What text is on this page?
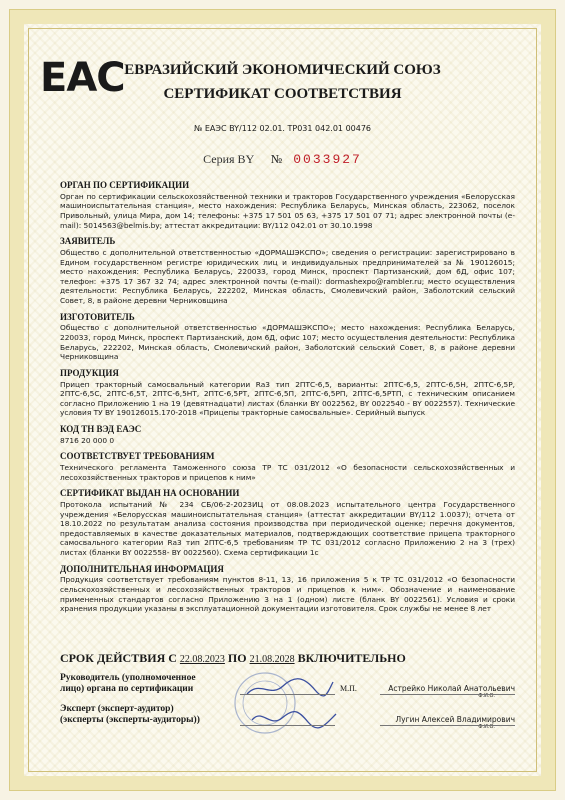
EAC ЕВРАЗИЙСКИЙ ЭКОНОМИЧЕСКИЙ СОЮЗ
СЕРТИФИКАТ СООТВЕТСТВИЯ
№ ЕАЭС BY/112 02.01. ТР031 042.01 00476
Серия BY № 0033927
ОРГАН ПО СЕРТИФИКАЦИИ

Орган по сертификации сельскохозяйственной техники и тракторов Государственного учреждения «Белорусская машиноиспытательная станция», место нахождения: Республика Беларусь, Минская область, 223062, поселок Привольный, улица Мира, дом 14; телефоны: +375 17 501 05 63, +375 17 501 07 71; адрес электронной почты (e-mail): 5014563@belmis.by; аттестат аккредитации: BY/112 042.01 от 30.10.1998

ЗАЯВИТЕЛЬ

Общество с дополнительной ответственностью «ДОРМАШЭКСПО»; сведения о регистрации: зарегистрировано в Едином государственном регистре юридических лиц и индивидуальных предпринимателей за № 190126015; место нахождения: Республика Беларусь, 220033, город Минск, проспект Партизанский, дом 6Д, офис 107; телефон: +375 17 367 32 74; адрес электронной почты (e-mail): dormashexpo@rambler.ru; место осуществления деятельности: Республика Беларусь, 222202, Минская область, Смолевичский район, Заболотский сельский Совет, 8, в районе деревни Черниковщина

ИЗГОТОВИТЕЛЬ

Общество с дополнительной ответственностью «ДОРМАШЭКСПО»; место нахождения: Республика Беларусь, 220033, город Минск, проспект Партизанский, дом 6Д, офис 107; место осуществления деятельности: Республика Беларусь, 222202, Минская область, Смолевичский район, Заболотский сельский Совет, 8, в районе деревни Черниковщина

ПРОДУКЦИЯ

Прицеп тракторный самосвальный категории Ra3 тип 2ПТС-6,5, варианты: 2ПТС-6,5, 2ПТС-6,5Н, 2ПТС-6,5Р, 2ПТС-6,5С, 2ПТС-6,5Т, 2ПТС-6,5НТ, 2ПТС-6,5РТ, 2ПТС-6,5П, 2ПТС-6,5РП, 2ПТС-6,5РТП, с техническим описанием согласно Приложению 1 на 19 (девятнадцати) листах (бланки BY 0022562, BY 0022540 - BY 0022557). Технические условия ТУ BY 190126015.170-2018 «Прицепы тракторные самосвальные». Серийный выпуск

КОД ТН ВЭД ЕАЭС

8716 20 000 0

СООТВЕТСТВУЕТ ТРЕБОВАНИЯМ

Технического регламента Таможенного союза ТР ТС 031/2012 «О безопасности сельскохозяйственных и лесохозяйственных тракторов и прицепов к ним»

СЕРТИФИКАТ ВЫДАН НА ОСНОВАНИИ

Протокола испытаний № 234 СБ/06-2-2023ИЦ от 08.08.2023 испытательного центра Государственного учреждения «Белорусская машиноиспытательная станция» (аттестат аккредитации BY/112 1.0037); отчета от 18.10.2022 по результатам анализа состояния производства при периодической оценке; перечня документов, предоставляемых в качестве доказательных материалов, подтверждающих соответствие прицепа тракторного самосвального категории Ra3 тип 2ПТС-6,5 требованиям ТР ТС 031/2012 согласно Приложению 2 на 3 (трех) листах (бланки BY 0022558- BY 0022560). Схема сертификации 1с

ДОПОЛНИТЕЛЬНАЯ ИНФОРМАЦИЯ

Продукция соответствует требованиям пунктов 8-11, 13, 16 приложения 5 к ТР ТС 031/2012 «О безопасности сельскохозяйственных и лесохозяйственных тракторов и прицепов к ним». Обозначение и наименование примененных стандартов согласно Приложению 3 на 1 (одном) листе (бланк BY 0022561). Условия и сроки хранения продукции указаны в эксплуатационной документации изготовителя. Срок службы не менее 8 лет

СРОК ДЕЙСТВИЯ С 22.08.2023 ПО 21.08.2028 ВКЛЮЧИТЕЛЬНО
Руководитель (уполномоченное
лицо) органа по сертификации	М.П.	Астрейко Николай Анатольевич
Ф.И.О.
Эксперт (эксперт-аудитор)
(эксперты (эксперты-аудиторы))	Лугин Алексей Владимирович
Ф.И.О.
